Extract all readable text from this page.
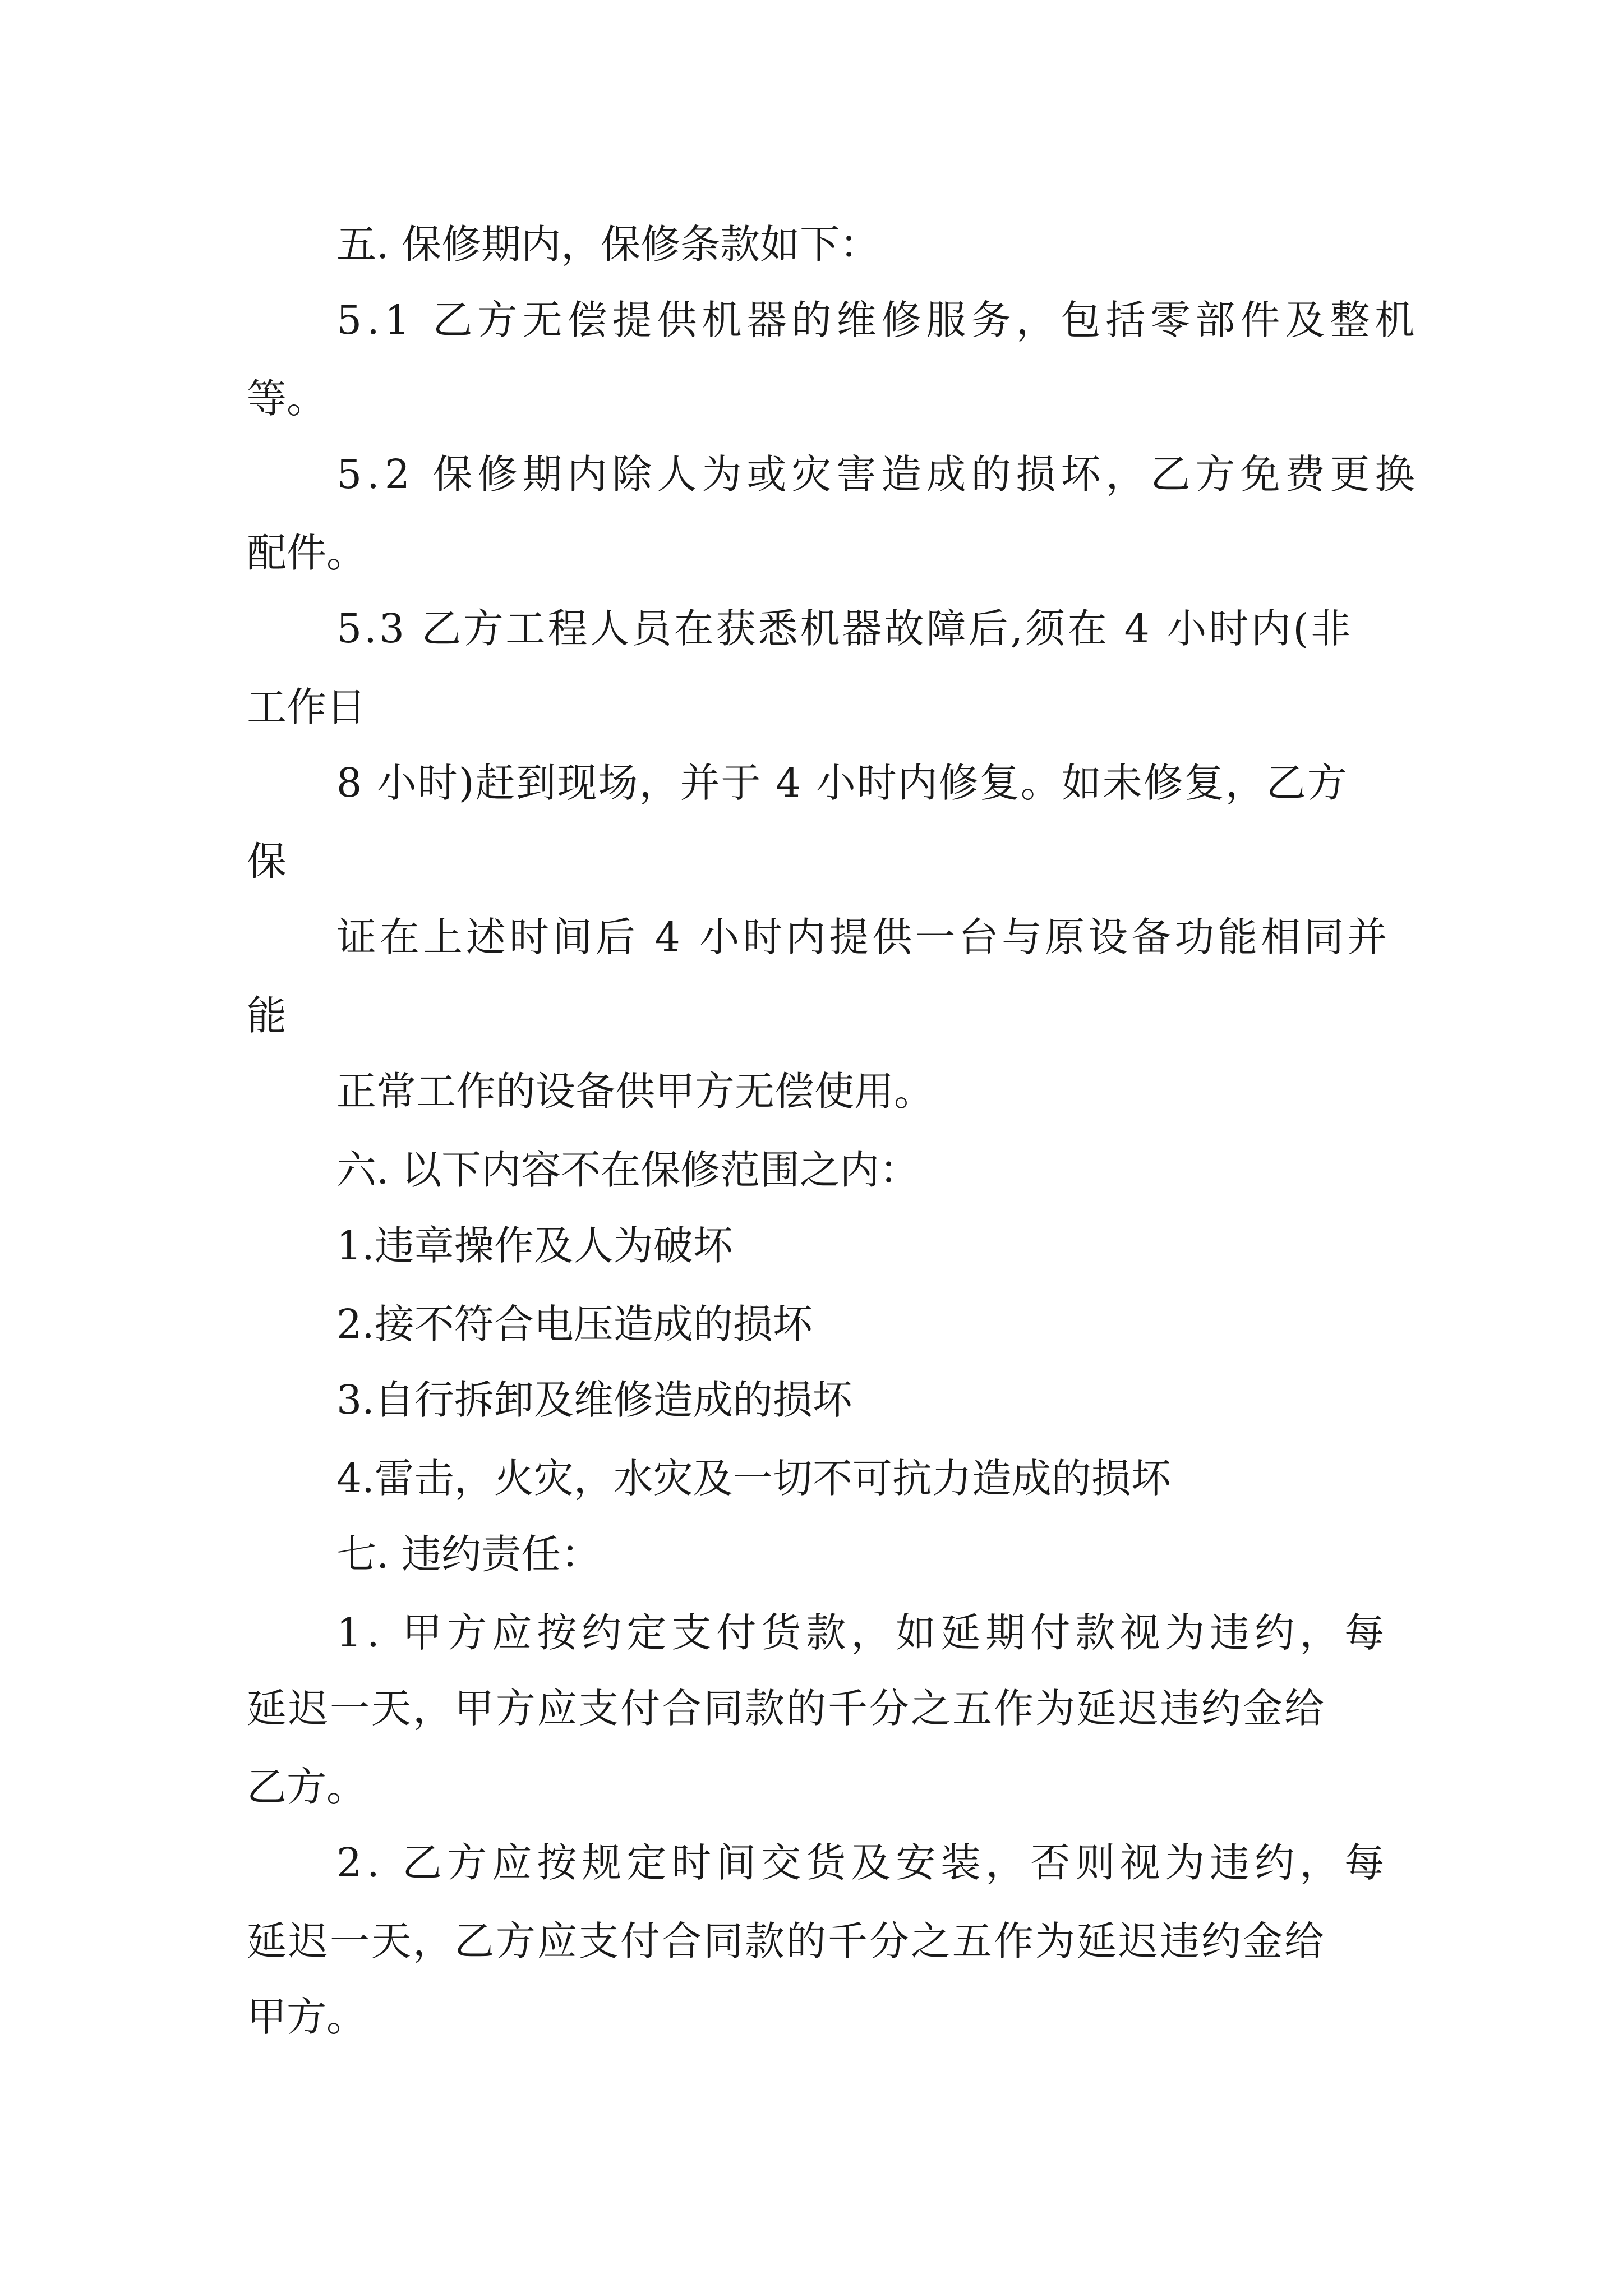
五. 保修期内，保修条款如下：
5.1 乙方无偿提供机器的维修服务，包括零部件及整机
等。
5.2 保修期内除人为或灾害造成的损坏，乙方免费更换
配件。
5.3 乙方工程人员在获悉机器故障后,须在 4 小时内(非
工作日
8 小时)赶到现场，并于 4 小时内修复。如未修复，乙方
保
证在上述时间后 4 小时内提供一台与原设备功能相同并
能
正常工作的设备供甲方无偿使用。
六. 以下内容不在保修范围之内：
1.违章操作及人为破坏
2.接不符合电压造成的损坏
3.自行拆卸及维修造成的损坏
4.雷击，火灾，水灾及一切不可抗力造成的损坏
七. 违约责任：
1. 甲方应按约定支付货款，如延期付款视为违约，每
延迟一天，甲方应支付合同款的千分之五作为延迟违约金给
乙方。
2. 乙方应按规定时间交货及安装，否则视为违约，每
延迟一天，乙方应支付合同款的千分之五作为延迟违约金给
甲方。
